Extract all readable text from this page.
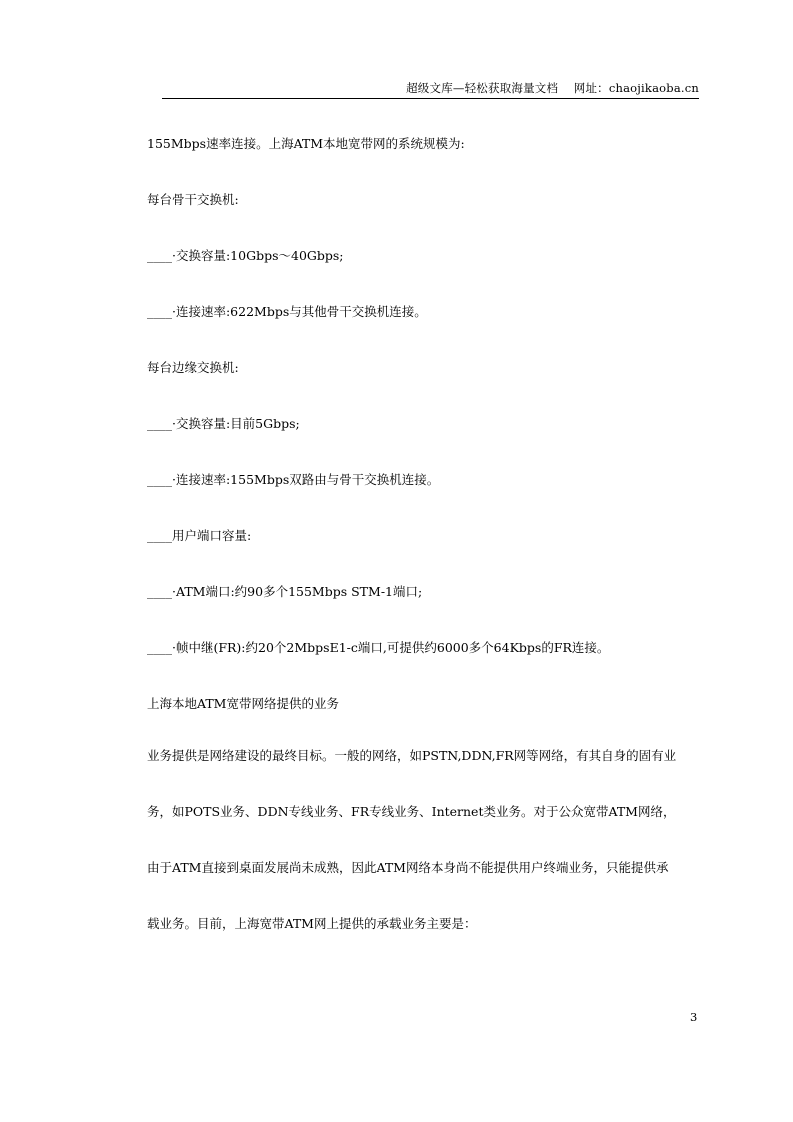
超级文库—轻松获取海量文档　 网址：chaojikaoba.cn
155Mbps速率连接。上海ATM本地宽带网的系统规模为:
每台骨干交换机:
____·交换容量:10Gbps～40Gbps;
____·连接速率:622Mbps与其他骨干交换机连接。
每台边缘交换机:
____·交换容量:目前5Gbps;
____·连接速率:155Mbps双路由与骨干交换机连接。
____用户端口容量:
____·ATM端口:约90多个155Mbps STM-1端口;
____·帧中继(FR):约20个2MbpsE1-c端口,可提供约6000多个64Kbps的FR连接。
上海本地ATM宽带网络提供的业务
业务提供是网络建设的最终目标。一般的网络，如PSTN,DDN,FR网等网络，有其自身的固有业
务，如POTS业务、DDN专线业务、FR专线业务、Internet类业务。对于公众宽带ATM网络，
由于ATM直接到桌面发展尚未成熟，因此ATM网络本身尚不能提供用户终端业务，只能提供承
载业务。目前，上海宽带ATM网上提供的承载业务主要是：
3
